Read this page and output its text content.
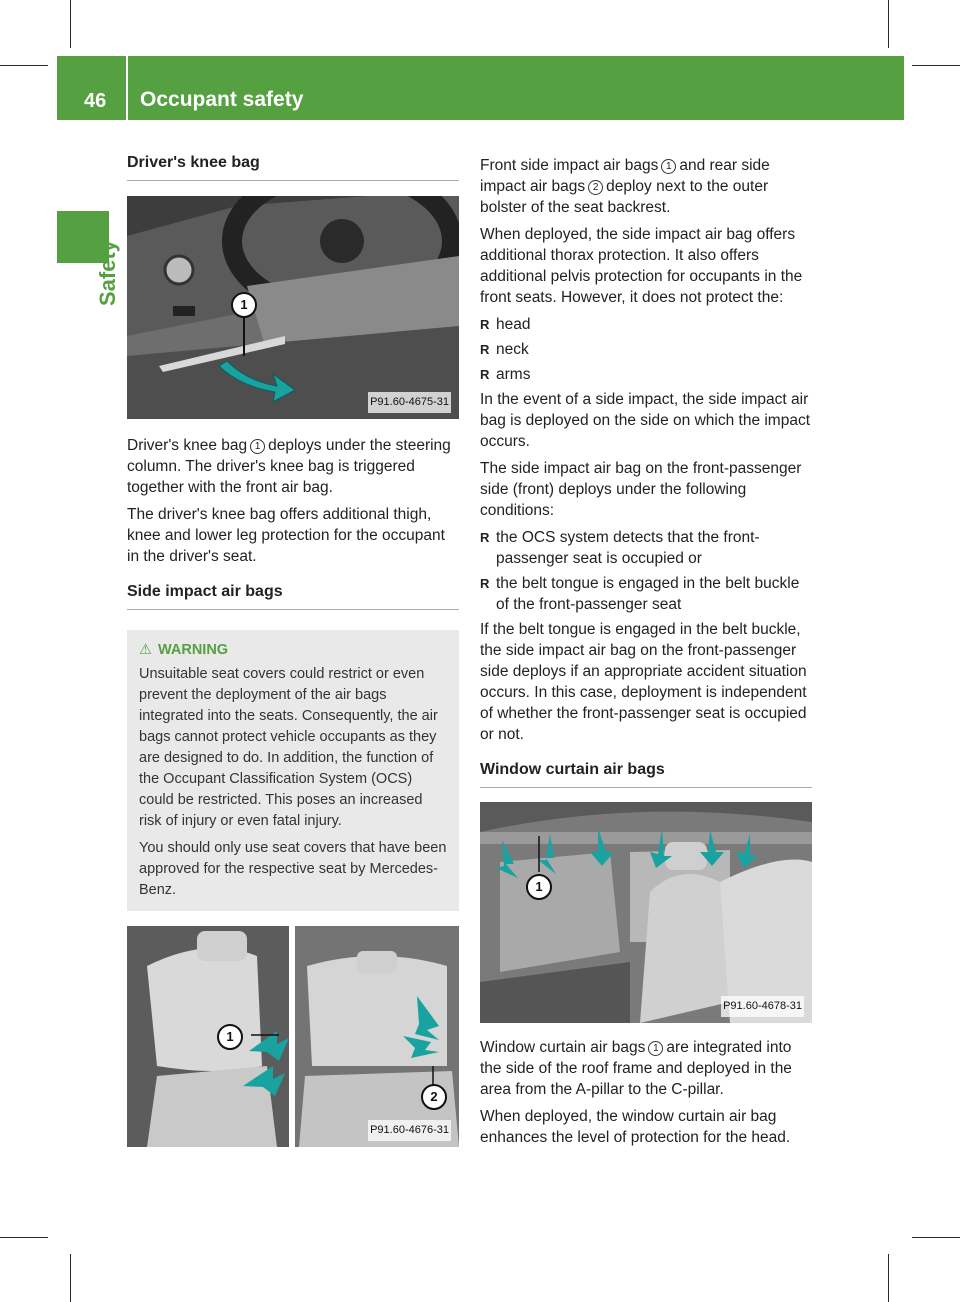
46 Occupant safety
Safety
Driver's knee bag
1
P91.60-4675-31

Driver's knee bag 1 deploys under the steering column. The driver's knee bag is triggered together with the front air bag.

The driver's knee bag offers additional thigh, knee and lower leg protection for the occupant in the driver's seat.

Side impact air bags
⚠ WARNING

Unsuitable seat covers could restrict or even prevent the deployment of the air bags integrated into the seats. Consequently, the air bags cannot protect vehicle occupants as they are designed to do. In addition, the function of the Occupant Classification System (OCS) could be restricted. This poses an increased risk of injury or even fatal injury.

You should only use seat covers that have been approved for the respective seat by Mercedes-Benz.

1
2
P91.60-4676-31

Front side impact air bags 1 and rear side impact air bags 2 deploy next to the outer bolster of the seat backrest.

When deployed, the side impact air bag offers additional thorax protection. It also offers additional pelvis protection for occupants in the front seats. However, it does not protect the:

R head
R neck
R arms

In the event of a side impact, the side impact air bag is deployed on the side on which the impact occurs.

The side impact air bag on the front-passenger side (front) deploys under the following conditions:

R the OCS system detects that the front-passenger seat is occupied or
R the belt tongue is engaged in the belt buckle of the front-passenger seat

If the belt tongue is engaged in the belt buckle, the side impact air bag on the front-passenger side deploys if an appropriate accident situation occurs. In this case, deployment is independent of whether the front-passenger seat is occupied or not.

Window curtain air bags
1
P91.60-4678-31

Window curtain air bags 1 are integrated into the side of the roof frame and deployed in the area from the A-pillar to the C-pillar.

When deployed, the window curtain air bag enhances the level of protection for the head.
